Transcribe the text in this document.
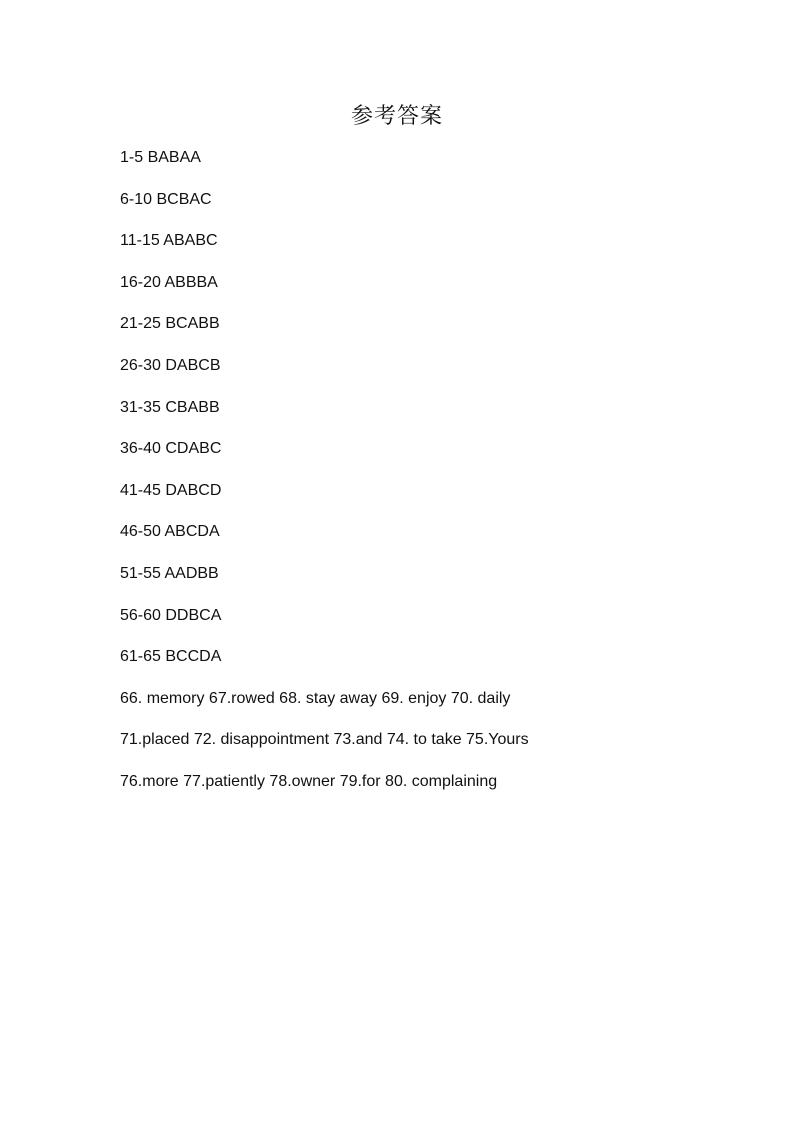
参考答案
1-5 BABAA
6-10 BCBAC
11-15 ABABC
16-20 ABBBA
21-25 BCABB
26-30 DABCB
31-35 CBABB
36-40 CDABC
41-45 DABCD
46-50 ABCDA
51-55 AADBB
56-60 DDBCA
61-65 BCCDA
66. memory 67.rowed 68. stay away 69. enjoy 70. daily
71.placed 72. disappointment 73.and 74. to take 75.Yours
76.more 77.patiently 78.owner 79.for 80. complaining
